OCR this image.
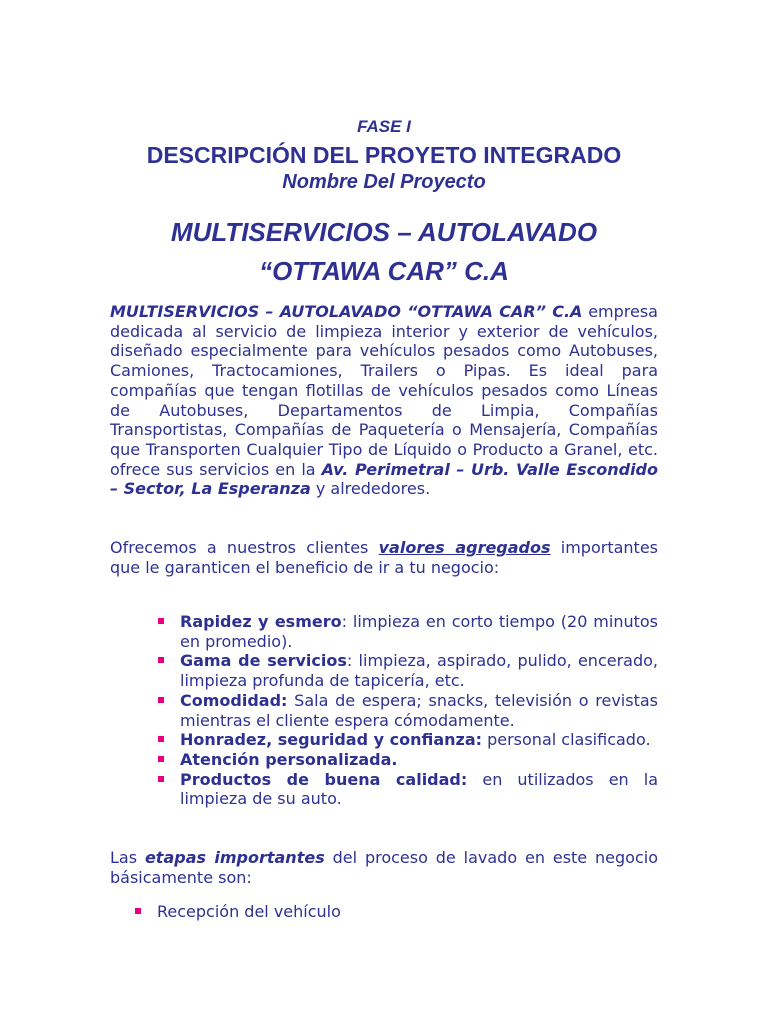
FASE I
DESCRIPCIÓN DEL PROYETO INTEGRADO
Nombre Del Proyecto
MULTISERVICIOS – AUTOLAVADO
“OTTAWA CAR” C.A

MULTISERVICIOS – AUTOLAVADO “OTTAWA CAR” C.A empresa dedicada al servicio de limpieza interior y exterior de vehículos, diseñado especialmente para vehículos pesados como Autobuses, Camiones, Tractocamiones, Trailers o Pipas. Es ideal para compañías que tengan flotillas de vehículos pesados como Líneas de Autobuses, Departamentos de Limpia, Compañías Transportistas, Compañías de Paquetería o Mensajería, Compañías que Transporten Cualquier Tipo de Líquido o Producto a Granel, etc. ofrece sus servicios en la Av. Perimetral – Urb. Valle Escondido – Sector, La Esperanza y alrededores.

Ofrecemos a nuestros clientes valores agregados importantes que le garanticen el beneficio de ir a tu negocio:

Rapidez y esmero: limpieza en corto tiempo (20 minutos en promedio).
Gama de servicios: limpieza, aspirado, pulido, encerado, limpieza profunda de tapicería, etc.
Comodidad: Sala de espera; snacks, televisión o revistas mientras el cliente espera cómodamente.
Honradez, seguridad y confianza: personal clasificado.
Atención personalizada.
Productos de buena calidad: en utilizados en la limpieza de su auto.

Las etapas importantes del proceso de lavado en este negocio básicamente son:

Recepción del vehículo
